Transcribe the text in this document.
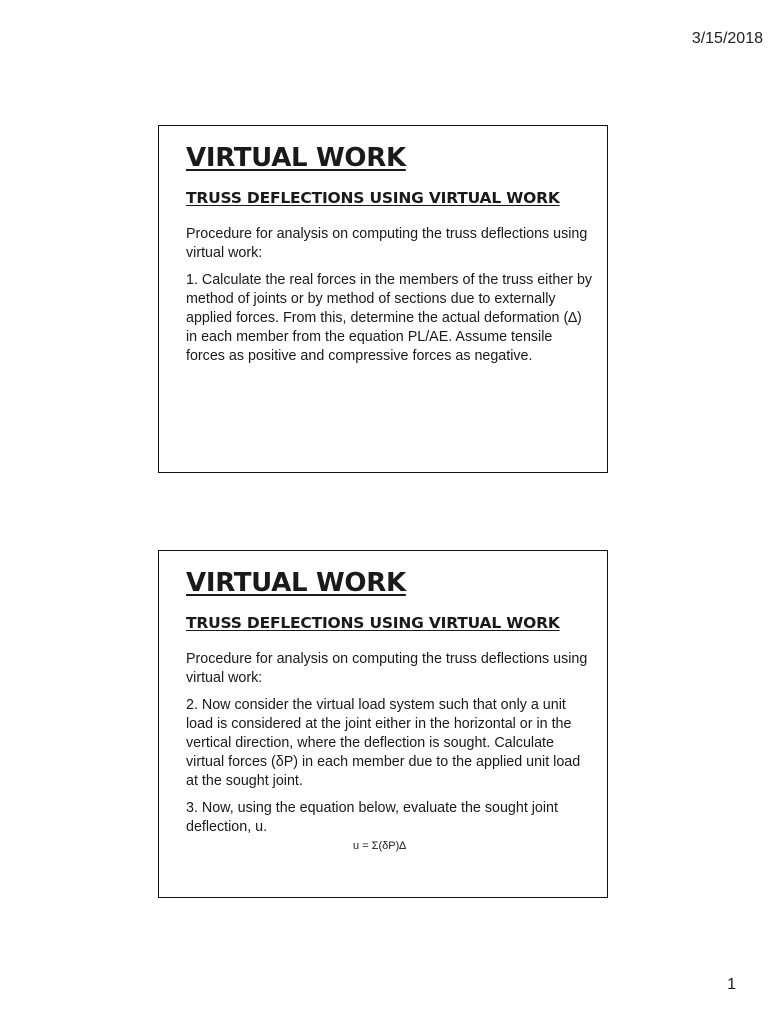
3/15/2018
VIRTUAL WORK
TRUSS DEFLECTIONS USING VIRTUAL WORK

Procedure for analysis on computing the truss deflections using virtual work:

1. Calculate the real forces in the members of the truss either by method of joints or by method of sections due to externally applied forces. From this, determine the actual deformation (∆) in each member from the equation PL/AE. Assume tensile forces as positive and compressive forces as negative.

VIRTUAL WORK
TRUSS DEFLECTIONS USING VIRTUAL WORK

Procedure for analysis on computing the truss deflections using virtual work:

2. Now consider the virtual load system such that only a unit load is considered at the joint either in the horizontal or in the vertical direction, where the deflection is sought. Calculate virtual forces (δP) in each member due to the applied unit load at the sought joint.

3. Now, using the equation below, evaluate the sought joint deflection, u.

u = Σ(δP)∆
1
